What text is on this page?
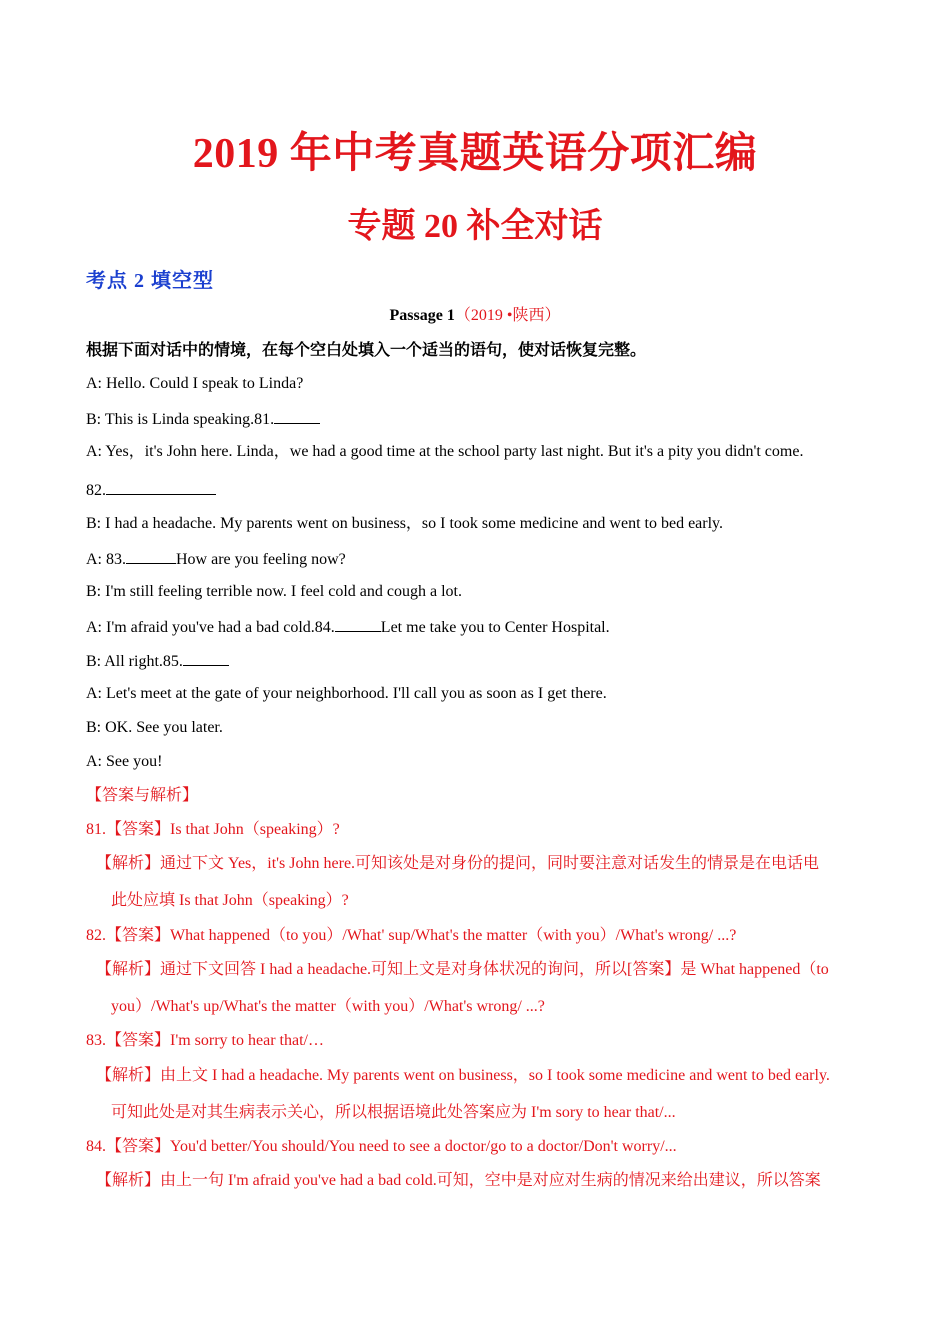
2019 年中考真题英语分项汇编
专题 20 补全对话
考点 2 填空型
Passage 1（2019 •陕西）
根据下面对话中的情境，在每个空白处填入一个适当的语句，使对话恢复完整。
A: Hello. Could I speak to Linda?
B: This is Linda speaking.81.
A: Yes，it's John here. Linda，we had a good time at the school party last night. But it's a pity you didn't come.
82.
B: I had a headache. My parents went on business，so I took some medicine and went to bed early.
A: 83.	How are you feeling now?
B: I'm still feeling terrible now. I feel cold and cough a lot.
A: I'm afraid you've had a bad cold.84.	Let me take you to Center Hospital.
B: All right.85.
A: Let's meet at the gate of your neighborhood. I'll call you as soon as I get there.
B: OK. See you later.
A: See you!
【答案与解析】
81.【答案】Is that John（speaking）?
【解析】通过下文 Yes，it's John here.可知该处是对身份的提问，同时要注意对话发生的情景是在电话电
此处应填 Is that John（speaking）?
82.【答案】What happened（to you）/What' sup/What's the matter（with you）/What's wrong/ ...?
【解析】通过下文回答 I had a headache.可知上文是对身体状况的询问，所以[答案】是 What happened（to
you）/What's up/What's the matter（with you）/What's wrong/ ...?
83.【答案】I'm sorry to hear that/…
【解析】由上文 I had a headache. My parents went on business，so I took some medicine and went to bed early.
可知此处是对其生病表示关心，所以根据语境此处答案应为 I'm sory to hear that/...
84.【答案】You'd better/You should/You need to see a doctor/go to a doctor/Don't worry/...
【解析】由上一句 I'm afraid you've had a bad cold.可知，空中是对应对生病的情况来给出建议，所以答案
